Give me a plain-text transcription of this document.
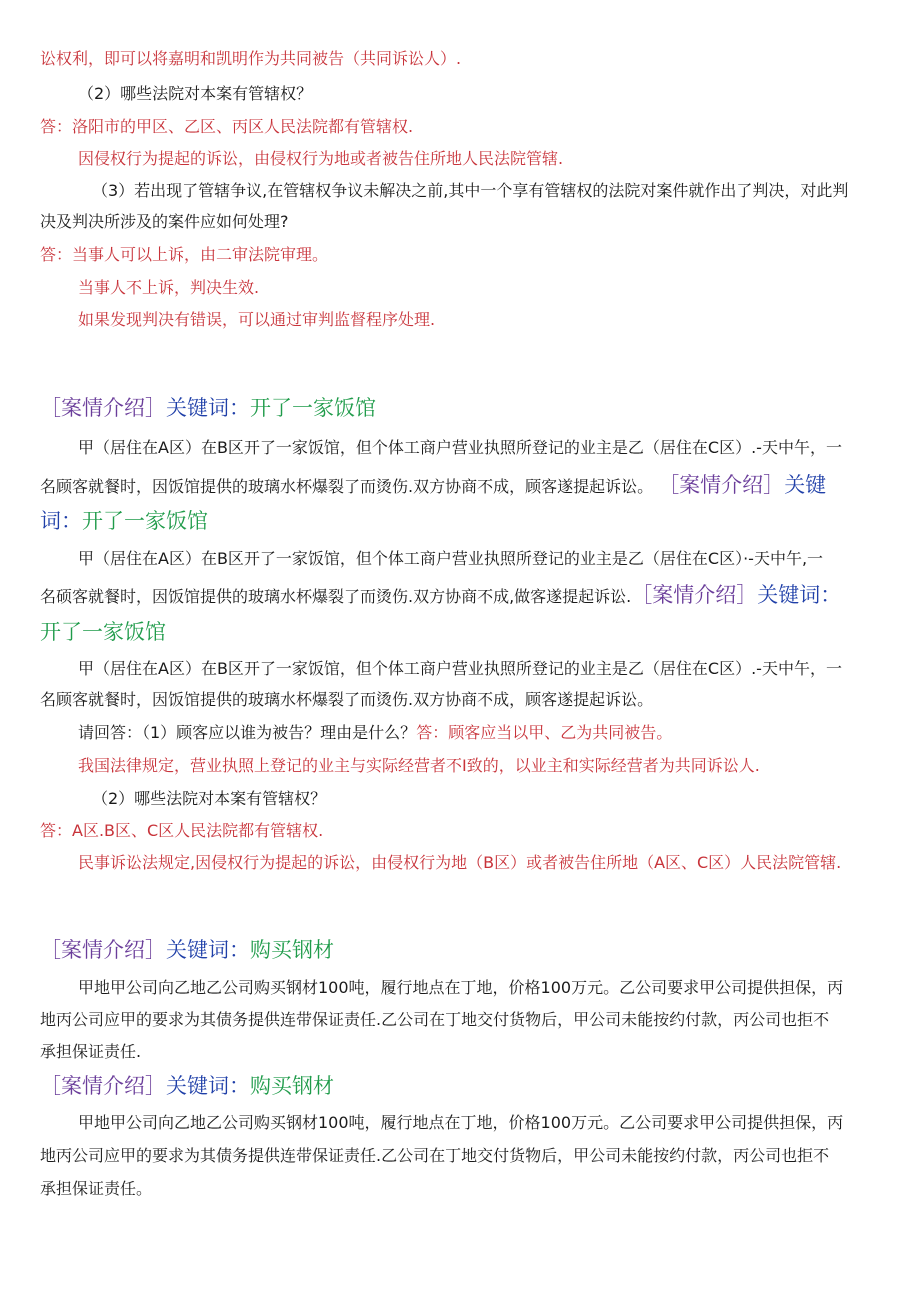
讼权利，即可以将嘉明和凯明作为共同被告（共同诉讼人）.
（2）哪些法院对本案有管辖权？
答：洛阳市的甲区、乙区、丙区人民法院都有管辖权.
因侵权行为提起的诉讼，由侵权行为地或者被告住所地人民法院管辖.
（3）若出现了管辖争议,在管辖权争议未解决之前,其中一个享有管辖权的法院对案件就作出了判决，对此判
决及判决所涉及的案件应如何处理?
答：当事人可以上诉，由二审法院审理。
当事人不上诉，判决生效.
如果发现判决有错误，可以通过审判监督程序处理.
［案情介绍］关键词：开了一家饭馆
甲（居住在A区）在B区开了一家饭馆，但个体工商户营业执照所登记的业主是乙（居住在C区）.-天中午，一
名顾客就餐时，因饭馆提供的玻璃水杯爆裂了而烫伤.双方协商不成，顾客遂提起诉讼。 ［案情介绍］关键
词：开了一家饭馆
甲（居住在A区）在B区开了一家饭馆，但个体工商户营业执照所登记的业主是乙（居住在C区）·-天中午,一
名硕客就餐时，因饭馆提供的玻璃水杯爆裂了而烫伤.双方协商不成,做客遂提起诉讼.［案情介绍］关键词：
开了一家饭馆
甲（居住在A区）在B区开了一家饭馆，但个体工商户营业执照所登记的业主是乙（居住在C区）.-天中午，一
名顾客就餐时，因饭馆提供的玻璃水杯爆裂了而烫伤.双方协商不成，顾客遂提起诉讼。
请回答：（1）顾客应以谁为被告？理由是什么？答：顾客应当以甲、乙为共同被告。
我国法律规定，营业执照上登记的业主与实际经营者不I致的，以业主和实际经营者为共同诉讼人.
（2）哪些法院对本案有管辖权？
答：A区.B区、C区人民法院都有管辖权.
民事诉讼法规定,因侵权行为提起的诉讼，由侵权行为地（B区）或者被告住所地（A区、C区）人民法院管辖.
［案情介绍］关键词：购买钢材
甲地甲公司向乙地乙公司购买钢材100吨，履行地点在丁地，价格100万元。乙公司要求甲公司提供担保，丙
地丙公司应甲的要求为其债务提供连带保证责任.乙公司在丁地交付货物后，甲公司未能按约付款，丙公司也拒不
承担保证责任.
［案情介绍］关键词：购买钢材
甲地甲公司向乙地乙公司购买钢材100吨，履行地点在丁地，价格100万元。乙公司要求甲公司提供担保，丙
地丙公司应甲的要求为其债务提供连带保证责任.乙公司在丁地交付货物后，甲公司未能按约付款，丙公司也拒不
承担保证责任。
